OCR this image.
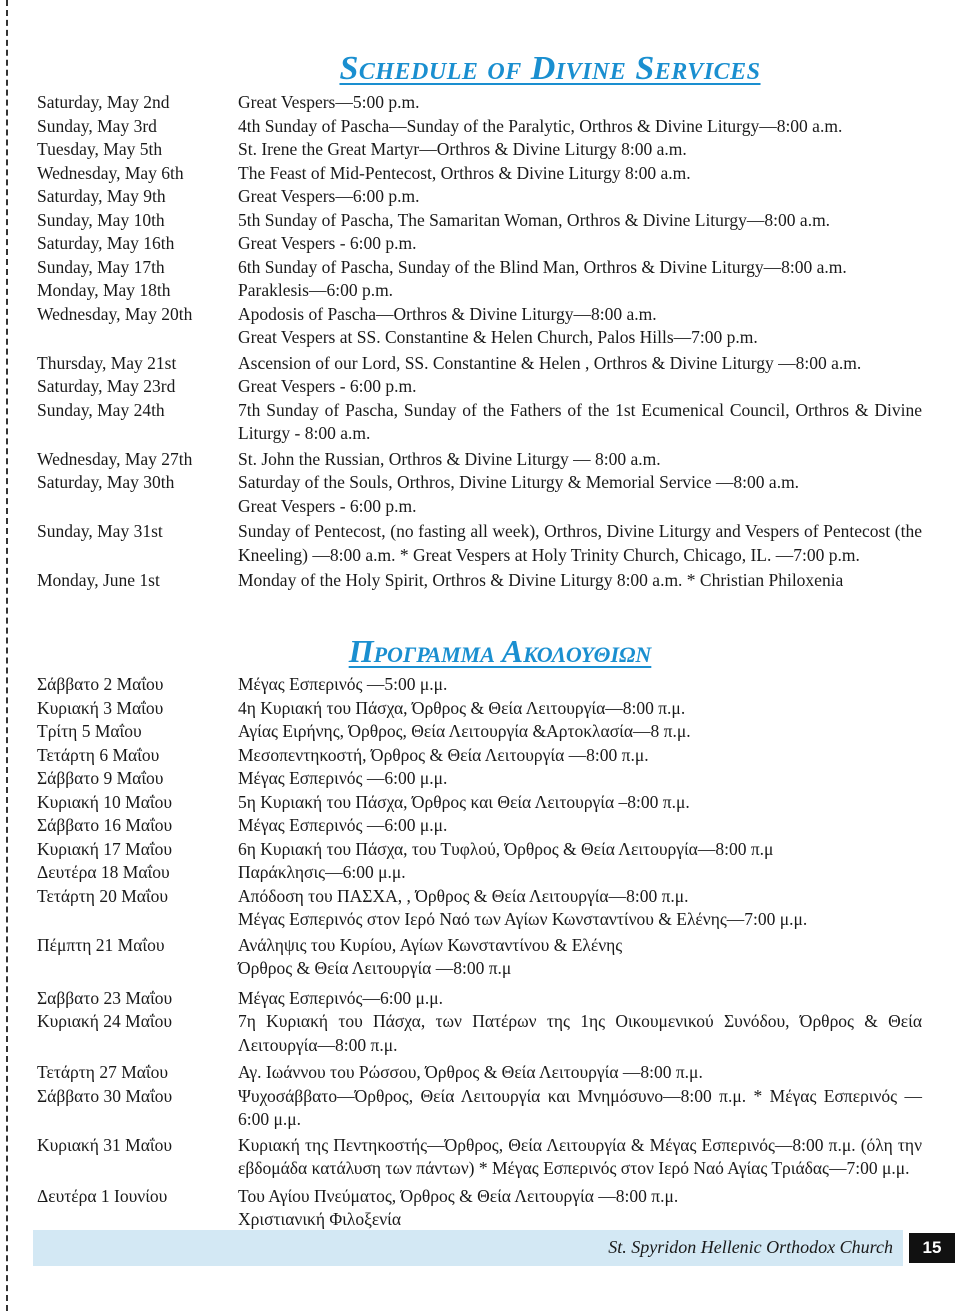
Schedule of Divine Services
Saturday, May 2nd	Great Vespers—5:00 p.m.
Sunday, May 3rd	4th Sunday of Pascha—Sunday of the Paralytic, Orthros & Divine Liturgy—8:00 a.m.
Tuesday, May 5th	St. Irene the Great Martyr—Orthros & Divine Liturgy 8:00 a.m.
Wednesday, May 6th	The Feast of Mid-Pentecost, Orthros & Divine Liturgy 8:00 a.m.
Saturday, May 9th	Great Vespers—6:00 p.m.
Sunday, May 10th	5th Sunday of Pascha, The Samaritan Woman, Orthros & Divine Liturgy—8:00 a.m.
Saturday, May 16th	Great Vespers - 6:00 p.m.
Sunday, May 17th	6th Sunday of Pascha, Sunday of the Blind Man, Orthros & Divine Liturgy—8:00 a.m.
Monday, May 18th	Paraklesis—6:00 p.m.
Wednesday, May 20th	Apodosis of Pascha—Orthros & Divine Liturgy—8:00 a.m.
Great Vespers at SS. Constantine & Helen Church, Palos Hills—7:00 p.m.
Thursday, May 21st	Ascension of our Lord, SS. Constantine & Helen , Orthros & Divine Liturgy —8:00 a.m.
Saturday, May 23rd	Great Vespers - 6:00 p.m.
Sunday, May 24th	7th Sunday of Pascha, Sunday of the Fathers of the 1st Ecumenical Council, Orthros & Divine Liturgy - 8:00 a.m.
Wednesday, May 27th	St. John the Russian, Orthros & Divine Liturgy — 8:00 a.m.
Saturday, May 30th	Saturday of the Souls, Orthros, Divine Liturgy & Memorial Service —8:00 a.m.
Great Vespers - 6:00 p.m.
Sunday, May 31st	Sunday of Pentecost, (no fasting all week), Orthros, Divine Liturgy and Vespers of Pentecost (the Kneeling) —8:00 a.m. * Great Vespers at Holy Trinity Church, Chicago, IL. —7:00 p.m.
Monday, June 1st	Monday of the Holy Spirit, Orthros & Divine Liturgy 8:00 a.m. * Christian Philoxenia
Προγραμμα Ακολουθιων
Σάββατο 2 Μαΐου	Μέγας Εσπερινός —5:00 μ.μ.
Κυριακή 3 Μαΐου	4η Κυριακή του Πάσχα, Όρθρος & Θεία Λειτουργία—8:00 π.μ.
Τρίτη 5 Μαΐου	Αγίας Ειρήνης, Όρθρος, Θεία Λειτουργία &Αρτοκλασία—8 π.μ.
Τετάρτη 6 Μαΐου	Μεσοπεντηκοστή, Όρθρος & Θεία Λειτουργία —8:00 π.μ.
Σάββατο 9 Μαΐου	Μέγας Εσπερινός —6:00 μ.μ.
Κυριακή 10 Μαΐου	5η Κυριακή του Πάσχα, Όρθρος και Θεία Λειτουργία –8:00 π.μ.
Σάββατο 16 Μαΐου	Μέγας Εσπερινός —6:00 μ.μ.
Κυριακή 17 Μαΐου	6η Κυριακή του Πάσχα, του Τυφλού, Όρθρος & Θεία Λειτουργία—8:00 π.μ
Δευτέρα 18 Μαΐου	Παράκλησις—6:00 μ.μ.
Τετάρτη 20 Μαΐου	Απόδοση του ΠΑΣΧΑ, , Όρθρος & Θεία Λειτουργία—8:00 π.μ.
Μέγας Εσπερινός στον Ιερό Ναό των Αγίων Κωνσταντίνου & Ελένης—7:00 μ.μ.
Πέμπτη 21 Μαΐου	Ανάληψις του Κυρίου, Αγίων Κωνσταντίνου & Ελένης
Όρθρος & Θεία Λειτουργία —8:00 π.μ
Σαββατο 23 Μαΐου	Μέγας Εσπερινός—6:00 μ.μ.
Κυριακή 24 Μαΐου	7η Κυριακή του Πάσχα, των Πατέρων της 1ης Οικουμενικού Συνόδου, Όρθρος & Θεία Λειτουργία—8:00 π.μ.
Τετάρτη 27 Μαΐου	Αγ. Ιωάννου του Ρώσσου, Όρθρος & Θεία Λειτουργία —8:00 π.μ.
Σάββατο 30 Μαΐου	Ψυχοσάββατο—Όρθρος, Θεία Λειτουργία και Μνημόσυνο—8:00 π.μ. * Μέγας Εσπερινός —6:00 μ.μ.
Κυριακή 31 Μαΐου	Κυριακή της Πεντηκοστής—Όρθρος, Θεία Λειτουργία & Μέγας Εσπερινός—8:00 π.μ. (όλη την εβδομάδα κατάλυση των πάντων) * Μέγας Εσπερινός στον Ιερό Ναό Αγίας Τριάδας—7:00 μ.μ.
Δευτέρα 1 Ιουνίου	Του Αγίου Πνεύματος, Όρθρος & Θεία Λειτουργία —8:00 π.μ.
Χριστιανική Φιλοξενία
St. Spyridon Hellenic Orthodox Church	15
